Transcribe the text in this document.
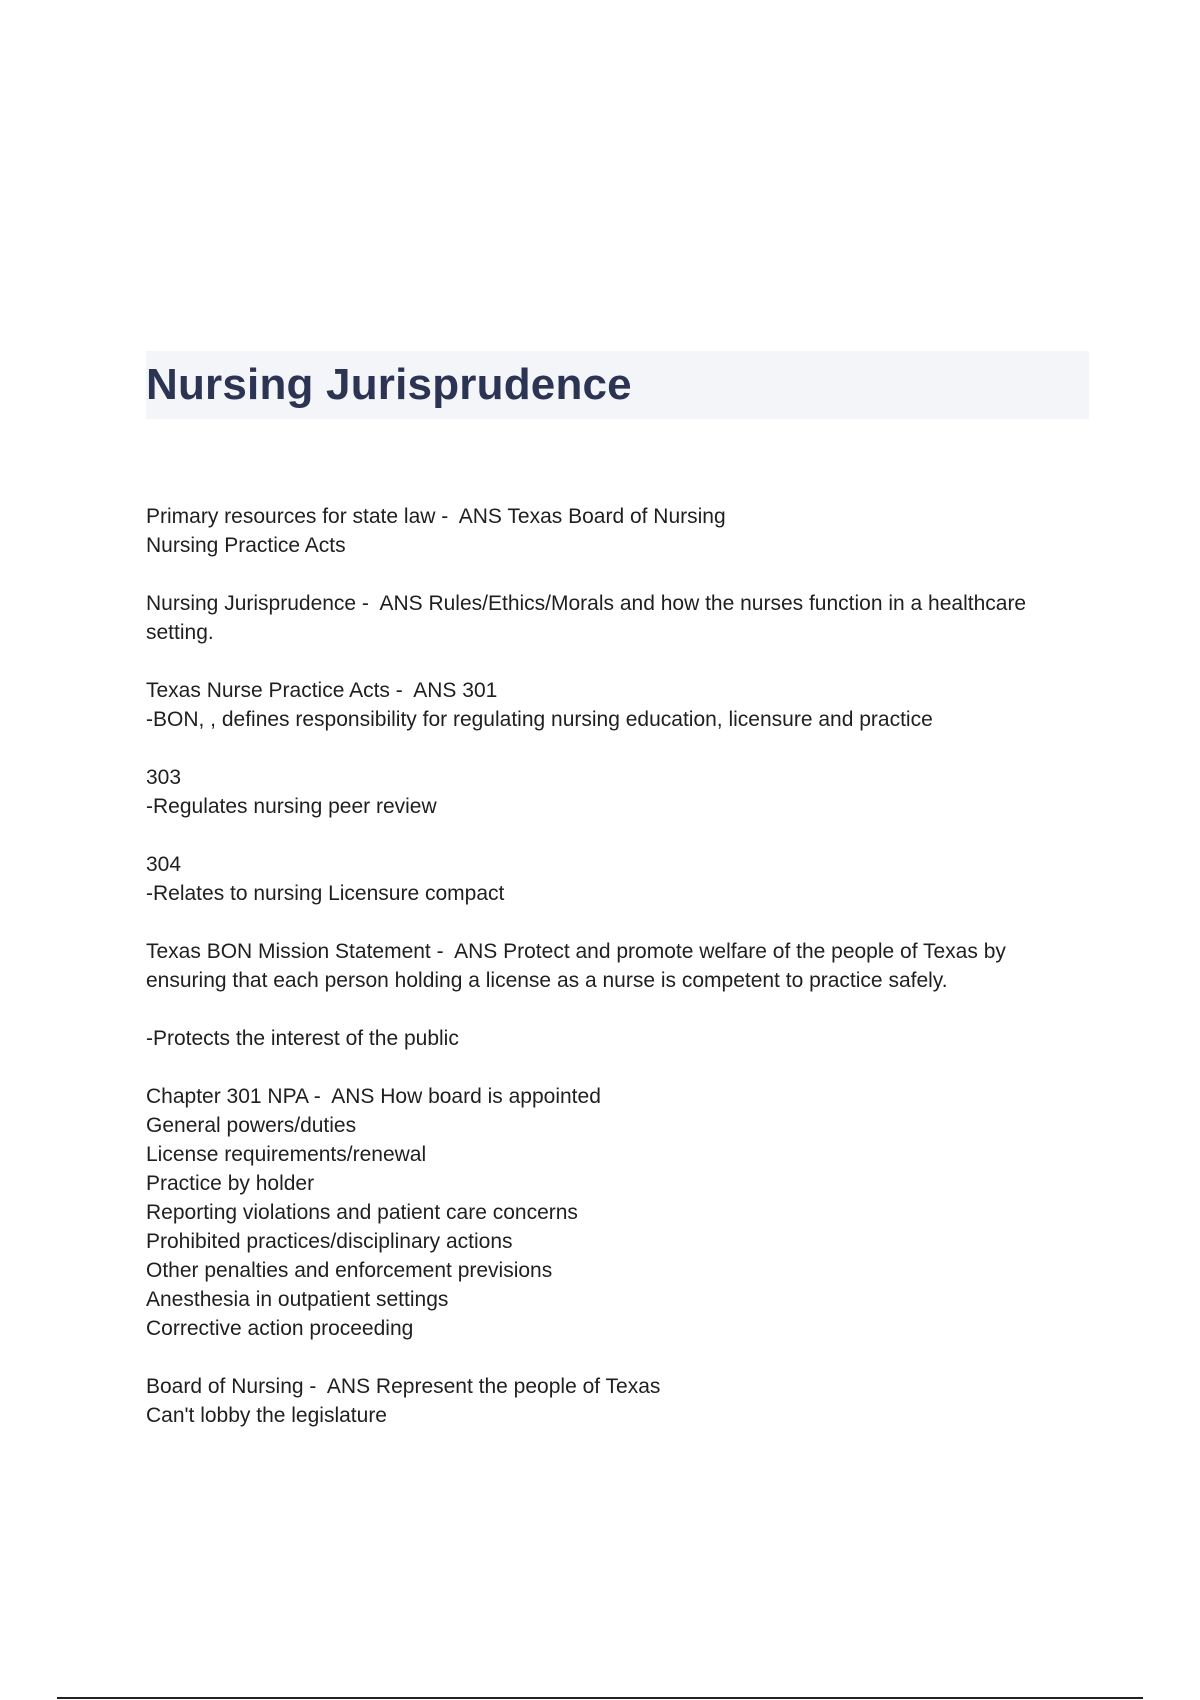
Nursing Jurisprudence
Primary resources for state law -  ANS Texas Board of Nursing
Nursing Practice Acts
Nursing Jurisprudence -  ANS Rules/Ethics/Morals and how the nurses function in a healthcare setting.
Texas Nurse Practice Acts -  ANS 301
-BON, , defines responsibility for regulating nursing education, licensure and practice
303
-Regulates nursing peer review
304
-Relates to nursing Licensure compact
Texas BON Mission Statement -  ANS Protect and promote welfare of the people of Texas by ensuring that each person holding a license as a nurse is competent to practice safely.
-Protects the interest of the public
Chapter 301 NPA -  ANS How board is appointed
General powers/duties
License requirements/renewal
Practice by holder
Reporting violations and patient care concerns
Prohibited practices/disciplinary actions
Other penalties and enforcement previsions
Anesthesia in outpatient settings
Corrective action proceeding
Board of Nursing -  ANS Represent the people of Texas
Can't lobby the legislature
